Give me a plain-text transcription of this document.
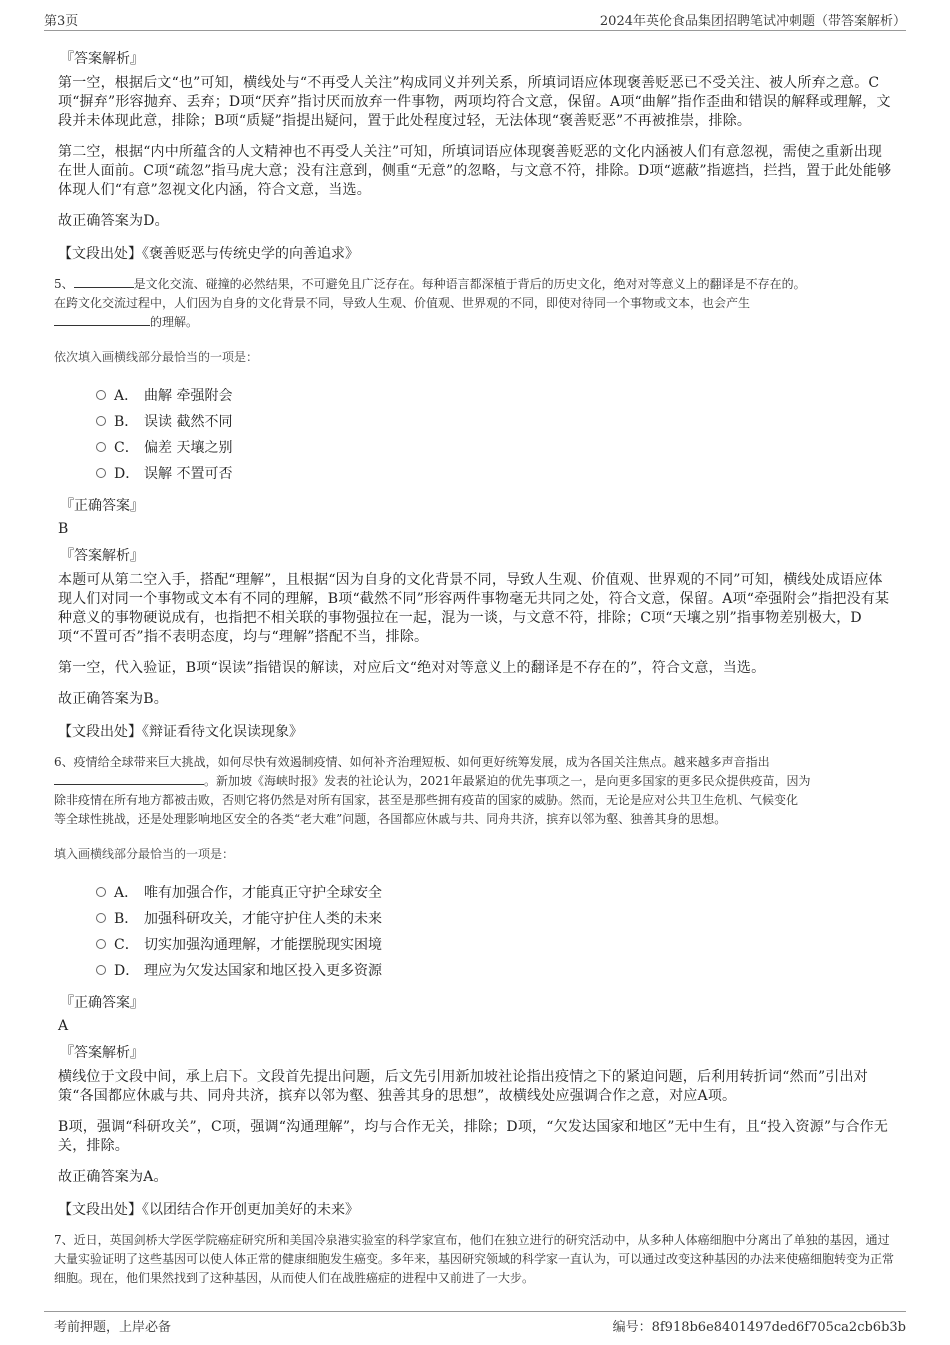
第3页	2024年英伦食品集团招聘笔试冲刺题（带答案解析）
『答案解析』

第一空，根据后文“也”可知，横线处与“不再受人关注”构成同义并列关系，所填词语应体现褒善贬恶已不受关注、被人所弃之意。C项“摒弃”形容抛弃、丢弃；D项“厌弃”指讨厌而放弃一件事物，两项均符合文意，保留。A项“曲解”指作歪曲和错误的解释或理解，文段并未体现此意，排除；B项“质疑”指提出疑问，置于此处程度过轻，无法体现“褒善贬恶”不再被推崇，排除。

第二空，根据“内中所蕴含的人文精神也不再受人关注”可知，所填词语应体现褒善贬恶的文化内涵被人们有意忽视，需使之重新出现在世人面前。C项“疏忽”指马虎大意；没有注意到，侧重“无意”的忽略，与文意不符，排除。D项“遮蔽”指遮挡，拦挡，置于此处能够体现人们“有意”忽视文化内涵，符合文意，当选。

故正确答案为D。

【文段出处】《褒善贬恶与传统史学的向善追求》
5、	是文化交流、碰撞的必然结果，不可避免且广泛存在。每种语言都深植于背后的历史文化，绝对对等意义上的翻译是不存在的。
在跨文化交流过程中，人们因为自身的文化背景不同，导致人生观、价值观、世界观的不同，即使对待同一个事物或文本，也会产生
的理解。
依次填入画横线部分最恰当的一项是：
A． 曲解 牵强附会
B． 误读 截然不同
C． 偏差 天壤之别
D． 误解 不置可否
『正确答案』
B
『答案解析』

本题可从第二空入手，搭配“理解”，且根据“因为自身的文化背景不同，导致人生观、价值观、世界观的不同”可知，横线处成语应体现人们对同一个事物或文本有不同的理解，B项“截然不同”形容两件事物毫无共同之处，符合文意，保留。A项“牵强附会”指把没有某种意义的事物硬说成有，也指把不相关联的事物强拉在一起，混为一谈，与文意不符，排除；C项“天壤之别”指事物差别极大，D项“不置可否”指不表明态度，均与“理解”搭配不当，排除。

第一空，代入验证，B项“误读”指错误的解读，对应后文“绝对对等意义上的翻译是不存在的”，符合文意，当选。

故正确答案为B。

【文段出处】《辩证看待文化误读现象》
6、疫情给全球带来巨大挑战，如何尽快有效遏制疫情、如何补齐治理短板、如何更好统筹发展，成为各国关注焦点。越来越多声音指出
。新加坡《海峡时报》发表的社论认为，2021年最紧迫的优先事项之一，是向更多国家的更多民众提供疫苗，因为
除非疫情在所有地方都被击败，否则它将仍然是对所有国家，甚至是那些拥有疫苗的国家的威胁。然而，无论是应对公共卫生危机、气候变化
等全球性挑战，还是处理影响地区安全的各类“老大难”问题，各国都应休戚与共、同舟共济，摈弃以邻为壑、独善其身的思想。
填入画横线部分最恰当的一项是：
A． 唯有加强合作，才能真正守护全球安全
B． 加强科研攻关，才能守护住人类的未来
C． 切实加强沟通理解，才能摆脱现实困境
D． 理应为欠发达国家和地区投入更多资源
『正确答案』
A
『答案解析』

横线位于文段中间，承上启下。文段首先提出问题，后文先引用新加坡社论指出疫情之下的紧迫问题，后利用转折词“然而”引出对策“各国都应休戚与共、同舟共济，摈弃以邻为壑、独善其身的思想”，故横线处应强调合作之意，对应A项。

B项，强调“科研攻关”，C项，强调“沟通理解”，均与合作无关，排除；D项，“欠发达国家和地区”无中生有，且“投入资源”与合作无关，排除。

故正确答案为A。

【文段出处】《以团结合作开创更加美好的未来》
7、近日，英国剑桥大学医学院癌症研究所和美国冷泉港实验室的科学家宣布，他们在独立进行的研究活动中，从多种人体癌细胞中分离出了单独的基因，通过大量实验证明了这些基因可以使人体正常的健康细胞发生癌变。多年来，基因研究领域的科学家一直认为，可以通过改变这种基因的办法来使癌细胞转变为正常细胞。现在，他们果然找到了这种基因，从而使人们在战胜癌症的进程中又前进了一大步。
考前押题，上岸必备	编号：8f918b6e8401497ded6f705ca2cb6b3b
